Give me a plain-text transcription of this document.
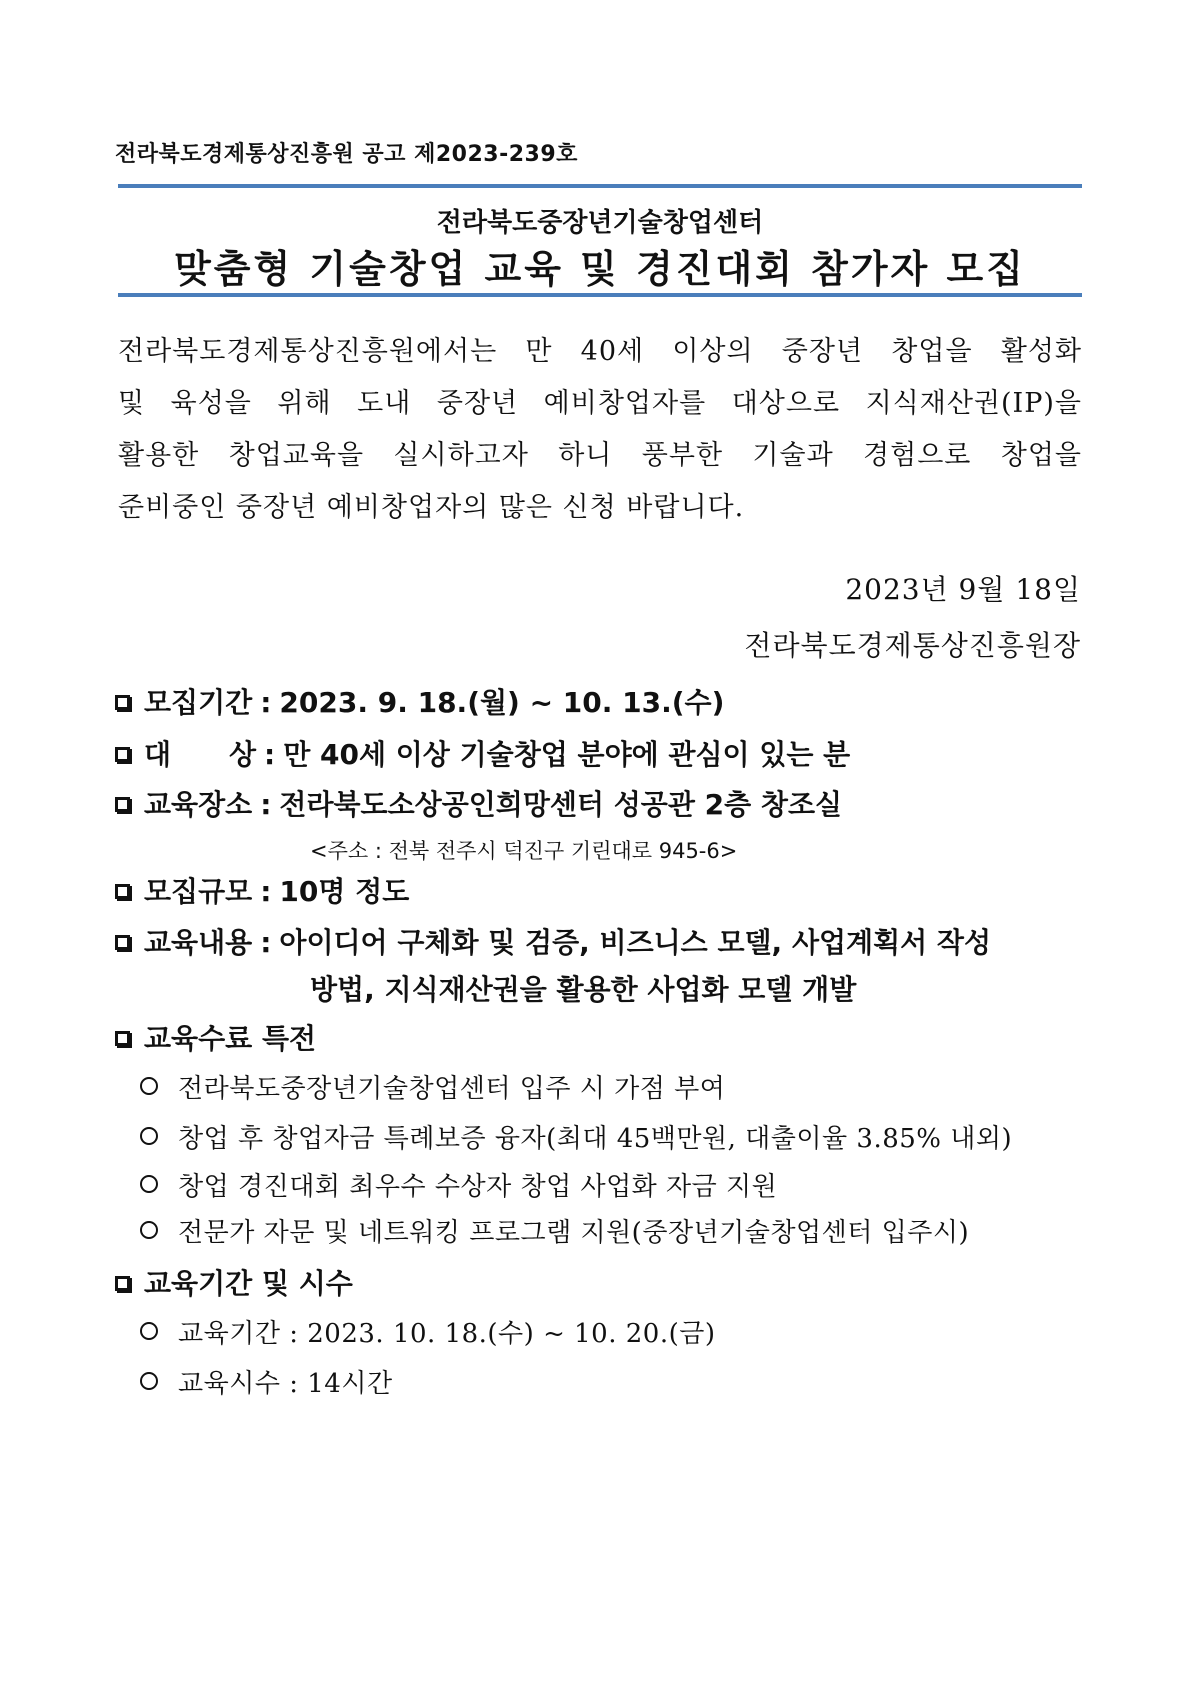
전라북도경제통상진흥원 공고 제2023-239호
전라북도중장년기술창업센터
맞춤형 기술창업 교육 및 경진대회 참가자 모집
전라북도경제통상진흥원에서는 만 40세 이상의 중장년 창업을 활성화
및 육성을 위해 도내 중장년 예비창업자를 대상으로 지식재산권(IP)을
활용한 창업교육을 실시하고자 하니 풍부한 기술과 경험으로 창업을
준비중인 중장년 예비창업자의 많은 신청 바랍니다.
2023년 9월 18일
전라북도경제통상진흥원장
모집기간 : 2023. 9. 18.(월) ~ 10. 13.(수)
대 상 : 만 40세 이상 기술창업 분야에 관심이 있는 분
교육장소 : 전라북도소상공인희망센터 성공관 2층 창조실
<주소 : 전북 전주시 덕진구 기린대로 945-6>
모집규모 : 10명 정도
교육내용 : 아이디어 구체화 및 검증, 비즈니스 모델, 사업계획서 작성
방법, 지식재산권을 활용한 사업화 모델 개발
교육수료 특전
전라북도중장년기술창업센터 입주 시 가점 부여
창업 후 창업자금 특례보증 융자(최대 45백만원, 대출이율 3.85% 내외)
창업 경진대회 최우수 수상자 창업 사업화 자금 지원
전문가 자문 및 네트워킹 프로그램 지원(중장년기술창업센터 입주시)
교육기간 및 시수
교육기간 : 2023. 10. 18.(수) ~ 10. 20.(금)
교육시수 : 14시간
